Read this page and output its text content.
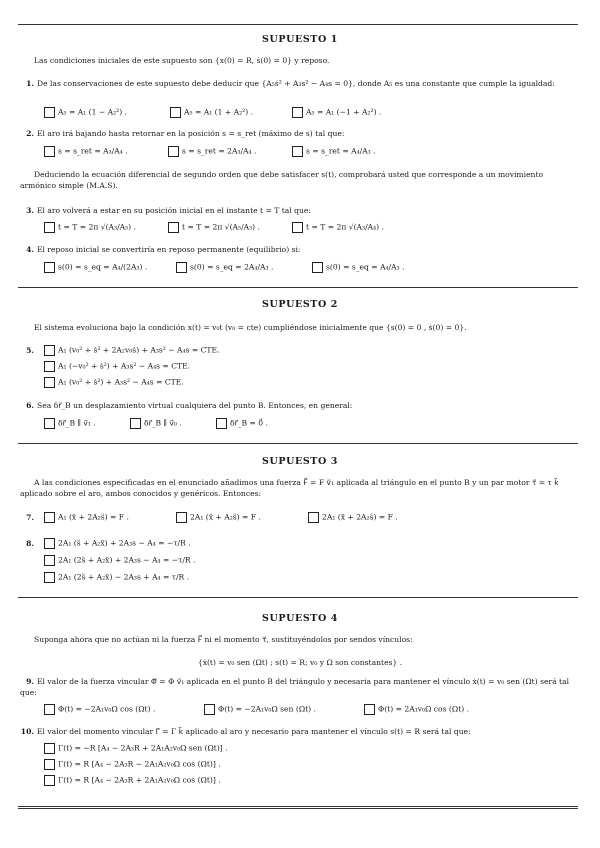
SUPUESTO 1
Las condiciones iniciales de este supuesto son {x(0) = R, ṡ(0) = 0} y reposo.
1. De las conservaciones de este supuesto debe deducir que {A₅ṡ² + A₃s² − A₄s = 0}, donde A₅ es una constante que cumple la igualdad:
A₅ = A₁ (1 − A₂²) .	A₅ = A₁ (1 + A₂²) .	A₅ = A₁ (−1 + A₂²) .
2. El aro irá bajando hasta retornar en la posición s = s_ret (máximo de s) tal que:
s = s_ret = A₃/A₄ .	s = s_ret = 2A₃/A₄ .	s = s_ret = A₄/A₃ .
Deduciendo la ecuación diferencial de segundo orden que debe satisfacer s(t), comprobará usted que corresponde a un movimiento armónico simple (M.A.S).
3. El aro volverá a estar en su posición inicial en el instante t = T tal que:
t = T = 2π √(A₃/A₅) .	t = T = 2π √(A₅/A₃) .	t = T = 2π √(A₃/A₄) .
4. El reposo inicial se convertiría en reposo permanente (equilibrio) si:
s(0) = s_eq = A₄/(2A₃) .	s(0) = s_eq = 2A₄/A₃ .	s(0) = s_eq = A₄/A₃ .
SUPUESTO 2
El sistema evoluciona bajo la condición x(t) = v₀t (v₀ = cte) cumpliéndose inicialmente que {s(0) = 0 , ṡ(0) = 0}.
5.	A₁ (v₀² + ṡ² + 2A₂v₀ṡ) + A₃s² − A₄s = CTE.
A₁ (−v₀² + ṡ²) + A₃s² − A₄s = CTE.
A₁ (v₀² + ṡ²) + A₃s² − A₄s = CTE.
6. Sea δr⃗_B un desplazamiento virtual cualquiera del punto B. Entonces, en general:
δr⃗_B ∥ v⃗₁ .	δr⃗_B ∥ v⃗₀ .	δr⃗_B = 0⃗ .
SUPUESTO 3
A las condiciones especificadas en el enunciado añadimos una fuerza F⃗ = F v⃗₁ aplicada al triángulo en el punto B y un par motor τ⃗ = τ k⃗ aplicado sobre el aro, ambos conocidos y genéricos. Entonces:
7.	A₁ (ẍ + 2A₂s̈) = F .	2A₁ (ẍ + A₂s̈) = F .	2A₁ (ẍ + 2A₂s̈) = F .
8.	2A₁ (s̈ + A₂ẍ) + 2A₃s − A₄ = −τ/R .
2A₁ (2s̈ + A₂ẍ) + 2A₃s − A₄ = −τ/R .
2A₁ (2s̈ + A₂ẍ) − 2A₃s + A₄ = τ/R .
SUPUESTO 4
Suponga ahora que no actúan ni la fuerza F⃗ ni el momento τ⃗, sustituyéndolos por sendos vínculos:
{ẋ(t) = v₀ sen (Ωt) ; s(t) = R; v₀ y Ω son constantes} .
9. El valor de la fuerza vincular Φ⃗ = Φ v⃗₁ aplicada en el punto B del triángulo y necesaria para mantener el vínculo ẋ(t) = v₀ sen (Ωt) será tal que:
Φ(t) = −2A₁v₀Ω cos (Ωt) .	Φ(t) = −2A₁v₀Ω sen (Ωt) .	Φ(t) = 2A₁v₀Ω cos (Ωt) .
10. El valor del momento vincular Γ⃗ = Γ k⃗ aplicado al aro y necesario para mantener el vínculo s(t) = R será tal que:
Γ(t) = −R [A₄ − 2A₃R + 2A₁A₂v₀Ω sen (Ωt)] .
Γ(t) = R [A₄ − 2A₃R − 2A₁A₂v₀Ω cos (Ωt)] .
Γ(t) = R [A₄ − 2A₃R + 2A₁A₂v₀Ω cos (Ωt)] .
